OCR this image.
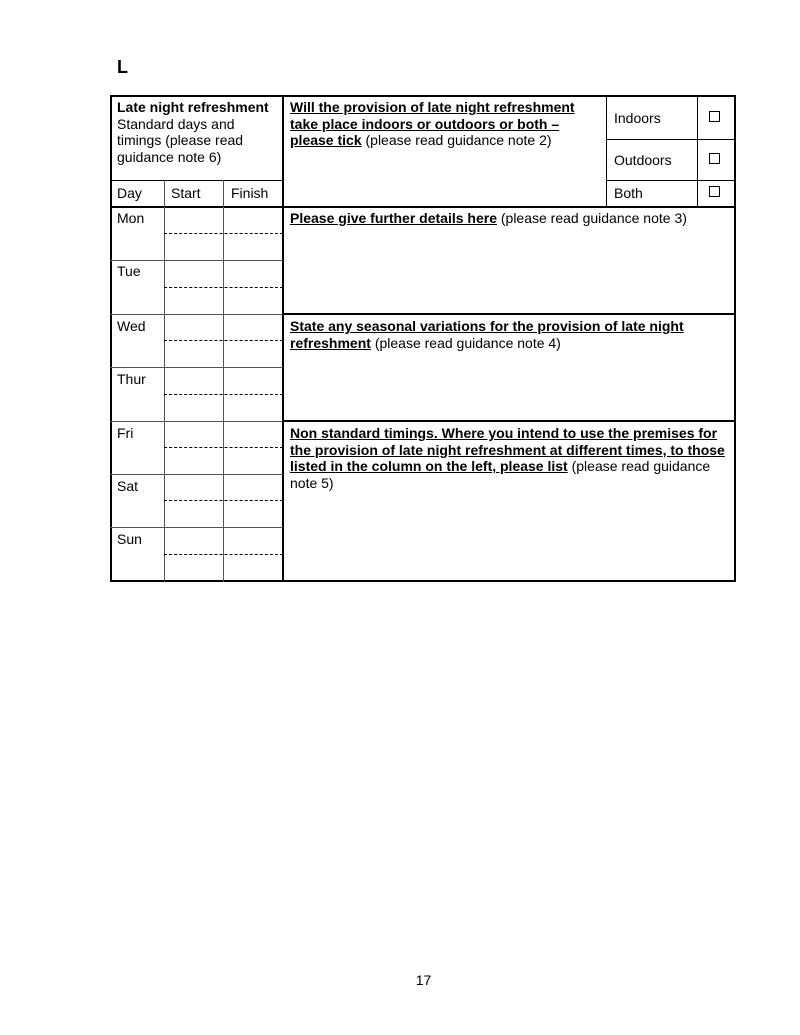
L
Late night refreshment
Standard days and timings (please read guidance note 6)
Will the provision of late night refreshment take place indoors or outdoors or both – please tick (please read guidance note 2)
Indoors
Outdoors
Both
Day Start Finish
Mon
Tue
Wed
Thur
Fri
Sat
Sun
Please give further details here (please read guidance note 3)
State any seasonal variations for the provision of late night refreshment (please read guidance note 4)
Non standard timings. Where you intend to use the premises for the provision of late night refreshment at different times, to those listed in the column on the left, please list (please read guidance note 5)
17
